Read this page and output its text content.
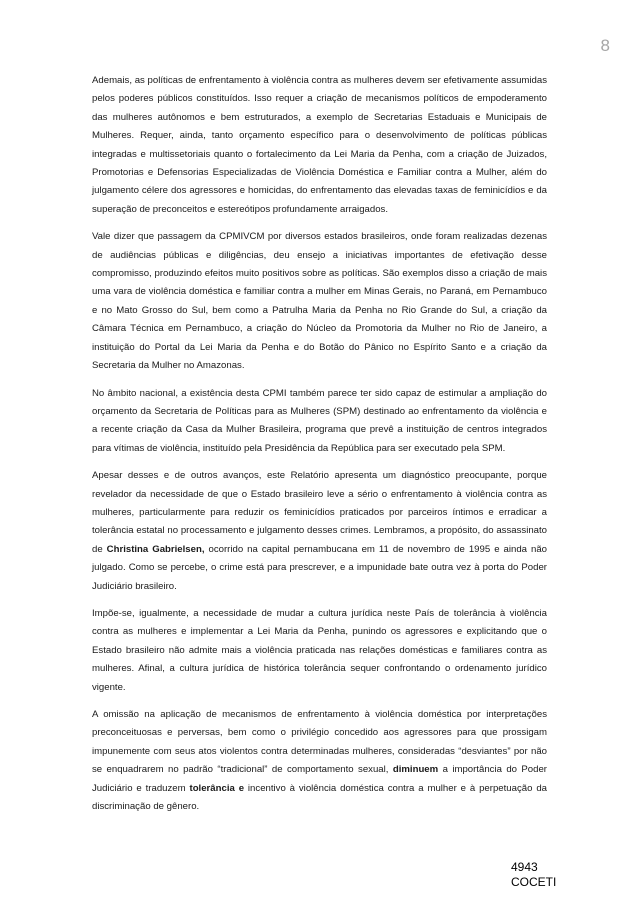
8

Ademais, as políticas de enfrentamento à violência contra as mulheres devem ser efetivamente assumidas pelos poderes públicos constituídos. Isso requer a criação de mecanismos políticos de empoderamento das mulheres autônomos e bem estruturados, a exemplo de Secretarias Estaduais e Municipais de Mulheres. Requer, ainda, tanto orçamento específico para o desenvolvimento de políticas públicas integradas e multissetoriais quanto o fortalecimento da Lei Maria da Penha, com a criação de Juizados, Promotorias e Defensorias Especializadas de Violência Doméstica e Familiar contra a Mulher, além do julgamento célere dos agressores e homicidas, do enfrentamento das elevadas taxas de feminicídios e da superação de preconceitos e estereótipos profundamente arraigados.

Vale dizer que passagem da CPMIVCM por diversos estados brasileiros, onde foram realizadas dezenas de audiências públicas e diligências, deu ensejo a iniciativas importantes de efetivação desse compromisso, produzindo efeitos muito positivos sobre as políticas. São exemplos disso a criação de mais uma vara de violência doméstica e familiar contra a mulher em Minas Gerais, no Paraná, em Pernambuco e no Mato Grosso do Sul, bem como a Patrulha Maria da Penha no Rio Grande do Sul, a criação da Câmara Técnica em Pernambuco, a criação do Núcleo da Promotoria da Mulher no Rio de Janeiro, a instituição do Portal da Lei Maria da Penha e do Botão do Pânico no Espírito Santo e a criação da Secretaria da Mulher no Amazonas.

No âmbito nacional, a existência desta CPMI também parece ter sido capaz de estimular a ampliação do orçamento da Secretaria de Políticas para as Mulheres (SPM) destinado ao enfrentamento da violência e a recente criação da Casa da Mulher Brasileira, programa que prevê a instituição de centros integrados para vítimas de violência, instituído pela Presidência da República para ser executado pela SPM.

Apesar desses e de outros avanços, este Relatório apresenta um diagnóstico preocupante, porque revelador da necessidade de que o Estado brasileiro leve a sério o enfrentamento à violência contra as mulheres, particularmente para reduzir os feminicídios praticados por parceiros íntimos e erradicar a tolerância estatal no processamento e julgamento desses crimes. Lembramos, a propósito, do assassinato de Christina Gabrielsen, ocorrido na capital pernambucana em 11 de novembro de 1995 e ainda não julgado. Como se percebe, o crime está para prescrever, e a impunidade bate outra vez à porta do Poder Judiciário brasileiro.

Impõe-se, igualmente, a necessidade de mudar a cultura jurídica neste País de tolerância à violência contra as mulheres e implementar a Lei Maria da Penha, punindo os agressores e explicitando que o Estado brasileiro não admite mais a violência praticada nas relações domésticas e familiares contra as mulheres. Afinal, a cultura jurídica de histórica tolerância sequer confrontando o ordenamento jurídico vigente.

A omissão na aplicação de mecanismos de enfrentamento à violência doméstica por interpretações preconceituosas e perversas, bem como o privilégio concedido aos agressores para que prossigam impunemente com seus atos violentos contra determinadas mulheres, consideradas “desviantes” por não se enquadrarem no padrão “tradicional” de comportamento sexual, diminuem a importância do Poder Judiciário e traduzem tolerância e incentivo à violência doméstica contra a mulher e à perpetuação da discriminação de gênero.

4943
COCETI
